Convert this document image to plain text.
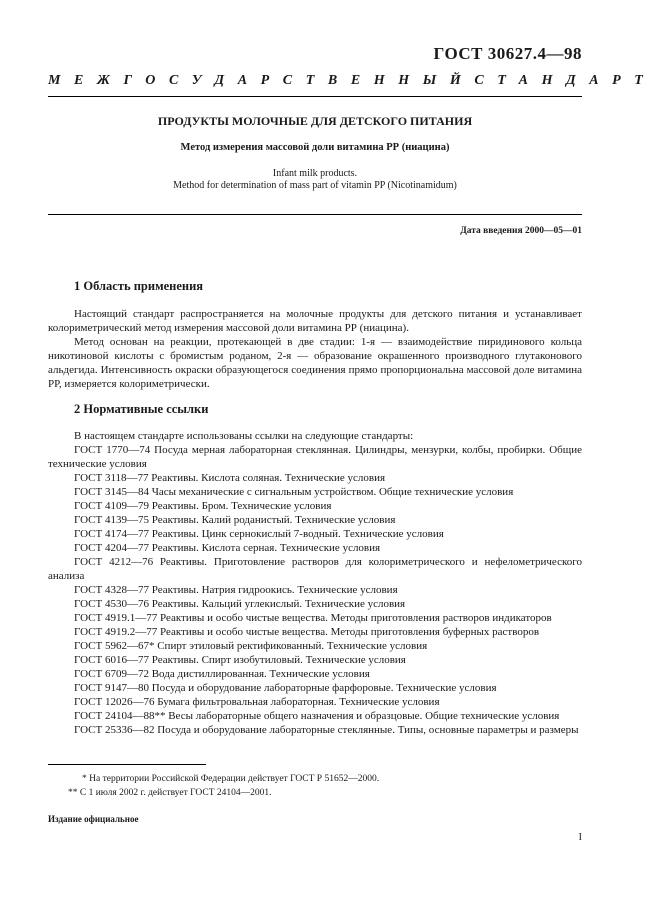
ГОСТ 30627.4—98
МЕЖГОСУДАРСТВЕННЫЙ СТАНДАРТ
ПРОДУКТЫ МОЛОЧНЫЕ ДЛЯ ДЕТСКОГО ПИТАНИЯ
Метод измерения массовой доли витамина РР (ниацина)
Infant milk products.
Method for determination of mass part of vitamin PP (Nicotinamidum)
Дата введения 2000—05—01
1 Область применения

Настоящий стандарт распространяется на молочные продукты для детского питания и устанавливает колориметрический метод измерения массовой доли витамина РР (ниацина).

Метод основан на реакции, протекающей в две стадии: 1-я — взаимодействие пиридинового кольца никотиновой кислоты с бромистым роданом, 2-я — образование окрашенного производного глутаконового альдегида. Интенсивность окраски образующегося соединения прямо пропорциональна массовой доле витамина РР, измеряется колориметрически.

2 Нормативные ссылки

В настоящем стандарте использованы ссылки на следующие стандарты:

ГОСТ 1770—74 Посуда мерная лабораторная стеклянная. Цилиндры, мензурки, колбы, пробирки. Общие технические условия

ГОСТ 3118—77 Реактивы. Кислота соляная. Технические условия

ГОСТ 3145—84 Часы механические с сигнальным устройством. Общие технические условия

ГОСТ 4109—79 Реактивы. Бром. Технические условия

ГОСТ 4139—75 Реактивы. Калий роданистый. Технические условия

ГОСТ 4174—77 Реактивы. Цинк сернокислый 7-водный. Технические условия

ГОСТ 4204—77 Реактивы. Кислота серная. Технические условия

ГОСТ 4212—76 Реактивы. Приготовление растворов для колориметрического и нефелометрического анализа

ГОСТ 4328—77 Реактивы. Натрия гидроокись. Технические условия

ГОСТ 4530—76 Реактивы. Кальций углекислый. Технические условия

ГОСТ 4919.1—77 Реактивы и особо чистые вещества. Методы приготовления растворов индикаторов

ГОСТ 4919.2—77 Реактивы и особо чистые вещества. Методы приготовления буферных растворов

ГОСТ 5962—67* Спирт этиловый ректификованный. Технические условия

ГОСТ 6016—77 Реактивы. Спирт изобутиловый. Технические условия

ГОСТ 6709—72 Вода дистиллированная. Технические условия

ГОСТ 9147—80 Посуда и оборудование лабораторные фарфоровые. Технические условия

ГОСТ 12026—76 Бумага фильтровальная лабораторная. Технические условия

ГОСТ 24104—88** Весы лабораторные общего назначения и образцовые. Общие технические условия

ГОСТ 25336—82 Посуда и оборудование лабораторные стеклянные. Типы, основные параметры и размеры

* На территории Российской Федерации действует ГОСТ Р 51652—2000.
** С 1 июля 2002 г. действует ГОСТ 24104—2001.
Издание официальное
I
